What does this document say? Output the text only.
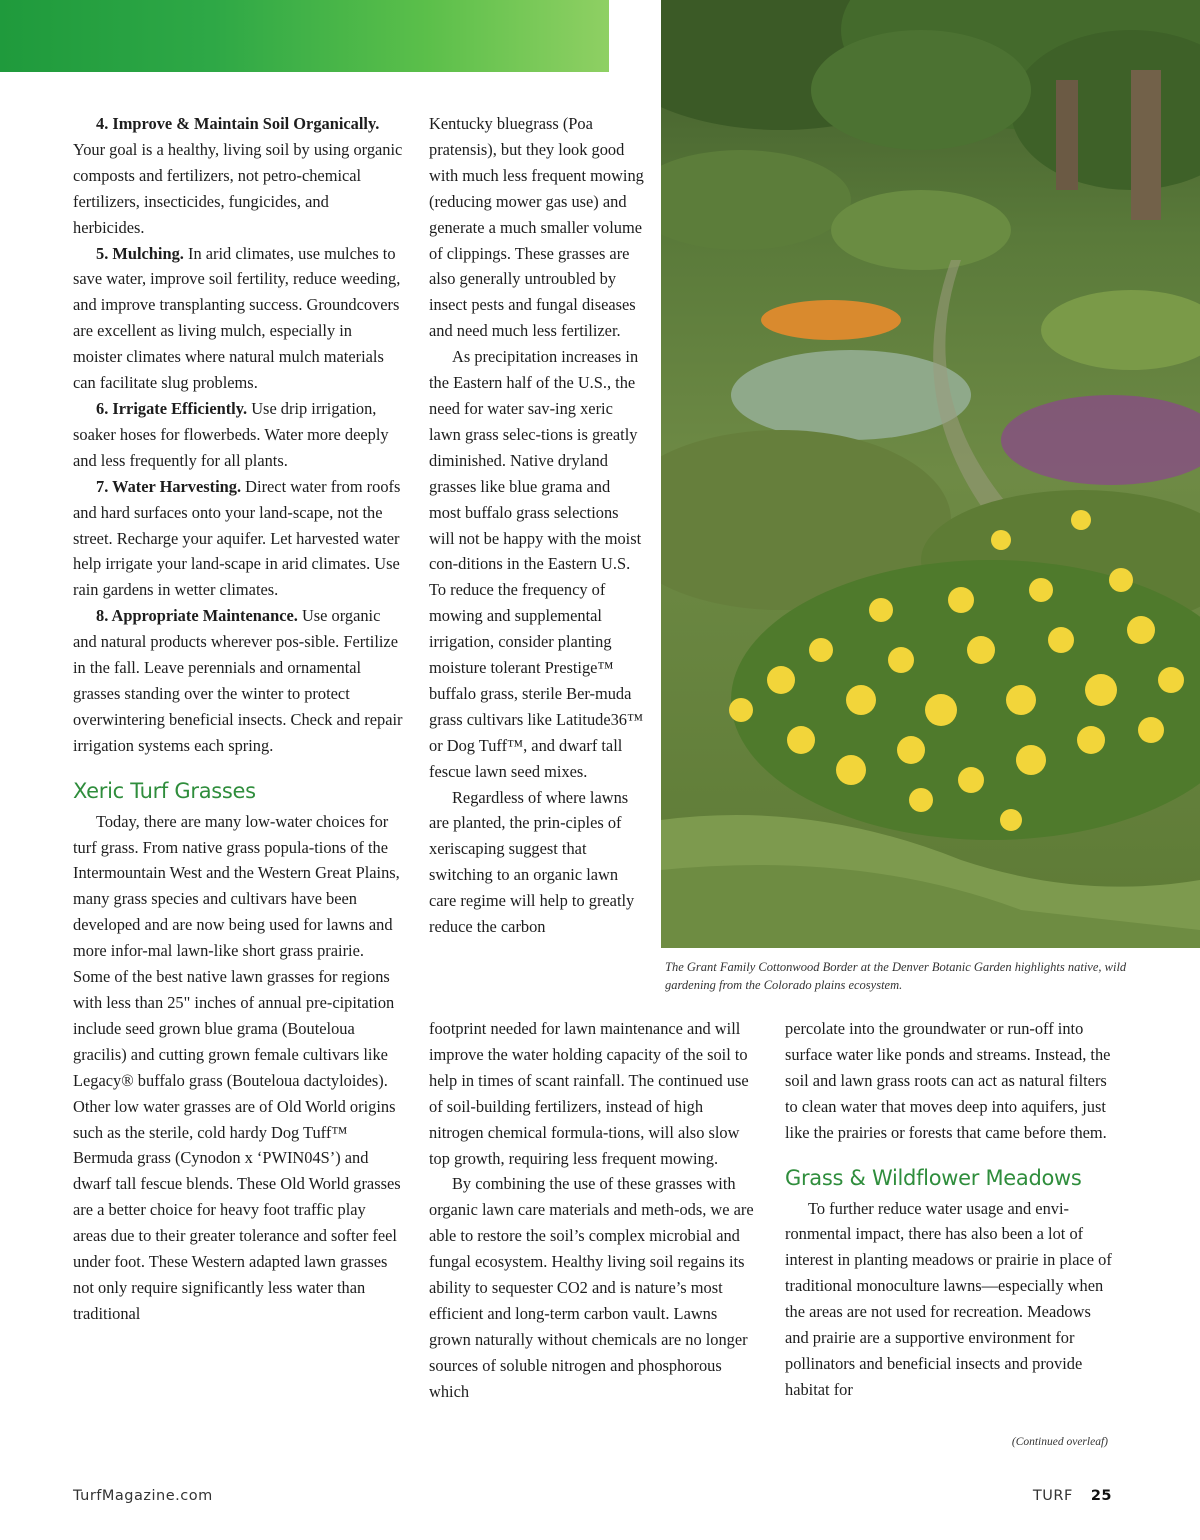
The Grant Family Cottonwood Border at the Denver Botanic Garden highlights native, wild gardening from the Colorado plains ecosystem.

4. Improve & Maintain Soil Organically. Your goal is a healthy, living soil by using organic composts and fertilizers, not petro-chemical fertilizers, insecticides, fungicides, and herbicides.

5. Mulching. In arid climates, use mulches to save water, improve soil fertility, reduce weeding, and improve transplanting success. Groundcovers are excellent as living mulch, especially in moister climates where natural mulch materials can facilitate slug problems.

6. Irrigate Efficiently. Use drip irrigation, soaker hoses for flowerbeds. Water more deeply and less frequently for all plants.

7. Water Harvesting. Direct water from roofs and hard surfaces onto your land-scape, not the street. Recharge your aquifer. Let harvested water help irrigate your land-scape in arid climates. Use rain gardens in wetter climates.

8. Appropriate Maintenance. Use organic and natural products wherever pos-sible. Fertilize in the fall. Leave perennials and ornamental grasses standing over the winter to protect overwintering beneficial insects. Check and repair irrigation systems each spring.

Xeric Turf Grasses

Today, there are many low-water choices for turf grass. From native grass popula-tions of the Intermountain West and the Western Great Plains, many grass species and cultivars have been developed and are now being used for lawns and more infor-mal lawn-like short grass prairie. Some of the best native lawn grasses for regions with less than 25" inches of annual pre-cipitation include seed grown blue grama (Bouteloua gracilis) and cutting grown female cultivars like Legacy® buffalo grass (Bouteloua dactyloides). Other low water grasses are of Old World origins such as the sterile, cold hardy Dog Tuff™ Bermuda grass (Cynodon x ‘PWIN04S’) and dwarf tall fescue blends. These Old World grasses are a better choice for heavy foot traffic play areas due to their greater tolerance and softer feel under foot. These Western adapted lawn grasses not only require significantly less water than traditional

Kentucky bluegrass (Poa pratensis), but they look good with much less frequent mowing (reducing mower gas use) and generate a much smaller volume of clippings. These grasses are also generally untroubled by insect pests and fungal diseases and need much less fertilizer.

As precipitation increases in the Eastern half of the U.S., the need for water sav-ing xeric lawn grass selec-tions is greatly diminished. Native dryland grasses like blue grama and most buffalo grass selections will not be happy with the moist con-ditions in the Eastern U.S. To reduce the frequency of mowing and supplemental irrigation, consider planting moisture tolerant Prestige™ buffalo grass, sterile Ber-muda grass cultivars like Latitude36™ or Dog Tuff™, and dwarf tall fescue lawn seed mixes.

Regardless of where lawns are planted, the prin-ciples of xeriscaping suggest that switching to an organic lawn care regime will help to greatly reduce the carbon

footprint needed for lawn maintenance and will improve the water holding capacity of the soil to help in times of scant rainfall. The continued use of soil-building fertilizers, instead of high nitrogen chemical formula-tions, will also slow top growth, requiring less frequent mowing.

By combining the use of these grasses with organic lawn care materials and meth-ods, we are able to restore the soil’s complex microbial and fungal ecosystem. Healthy living soil regains its ability to sequester CO2 and is nature’s most efficient and long-term carbon vault. Lawns grown naturally without chemicals are no longer sources of soluble nitrogen and phosphorous which

percolate into the groundwater or run-off into surface water like ponds and streams. Instead, the soil and lawn grass roots can act as natural filters to clean water that moves deep into aquifers, just like the prairies or forests that came before them.

Grass & Wildflower Meadows

To further reduce water usage and envi-ronmental impact, there has also been a lot of interest in planting meadows or prairie in place of traditional monoculture lawns—especially when the areas are not used for recreation. Meadows and prairie are a supportive environment for pollinators and beneficial insects and provide habitat for

(Continued overleaf)
TurfMagazine.com	TURF 25
